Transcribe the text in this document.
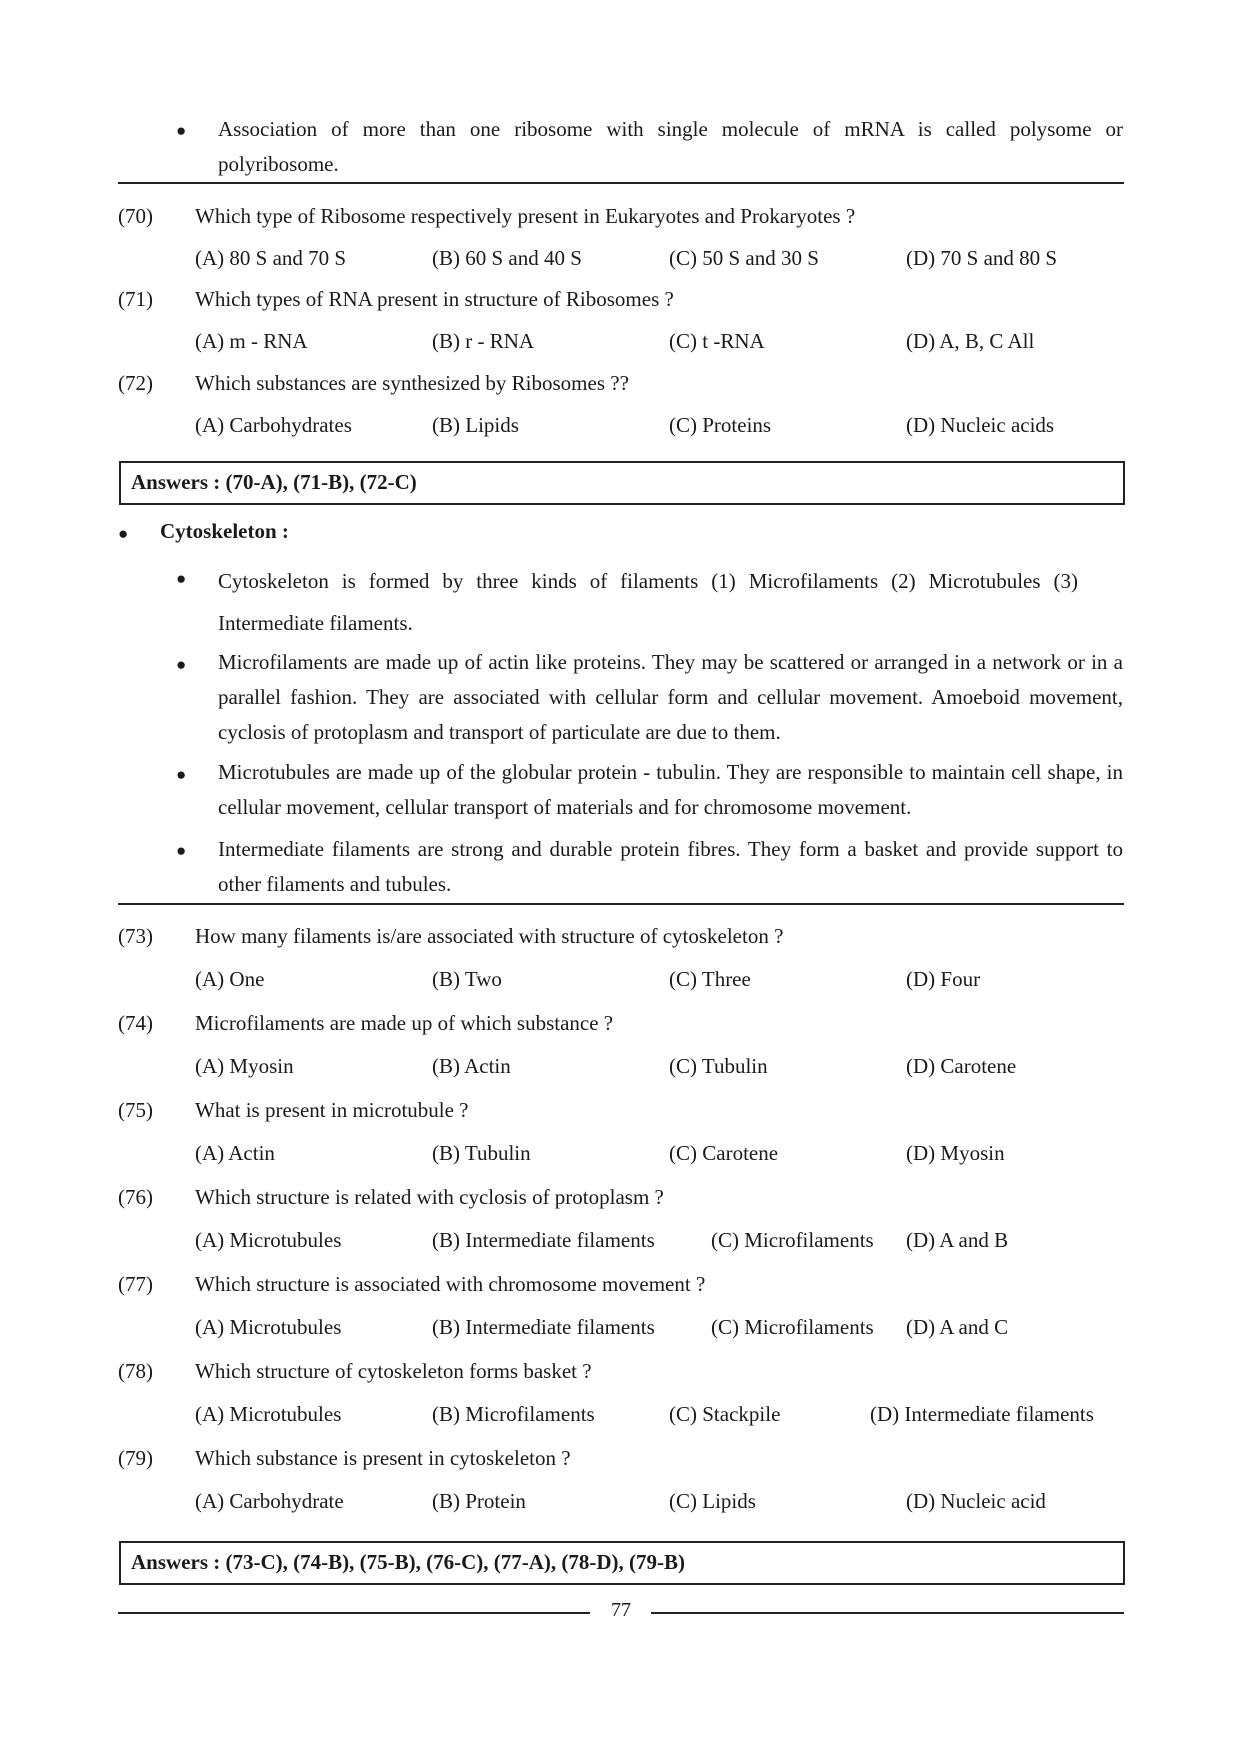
● Association of more than one ribosome with single molecule of mRNA is called polysome or polyribosome.
(70) Which type of Ribosome respectively present in Eukaryotes and Prokaryotes ?
(A) 80 S and 70 S	(B) 60 S and 40 S	(C) 50 S and 30 S	(D) 70 S and 80 S
(71) Which types of RNA present in structure of Ribosomes ?
(A) m - RNA	(B) r - RNA	(C) t -RNA	(D) A, B, C All
(72) Which substances are synthesized by Ribosomes ??
(A) Carbohydrates	(B) Lipids	(C) Proteins	(D) Nucleic acids
Answers : (70-A), (71-B), (72-C)
● Cytoskeleton :
● Cytoskeleton is formed by three kinds of filaments (1) Microfilaments (2) Microtubules (3) Intermediate filaments.
● Microfilaments are made up of actin like proteins. They may be scattered or arranged in a network or in a parallel fashion. They are associated with cellular form and cellular movement. Amoeboid movement, cyclosis of protoplasm and transport of particulate are due to them.
● Microtubules are made up of the globular protein - tubulin. They are responsible to maintain cell shape, in cellular movement, cellular transport of materials and for chromosome movement.
● Intermediate filaments are strong and durable protein fibres. They form a basket and provide support to other filaments and tubules.
(73) How many filaments is/are associated with structure of cytoskeleton ?
(A) One	(B) Two	(C) Three	(D) Four
(74) Microfilaments are made up of which substance ?
(A) Myosin	(B) Actin	(C) Tubulin	(D) Carotene
(75) What is present in microtubule ?
(A) Actin	(B) Tubulin	(C) Carotene	(D) Myosin
(76) Which structure is related with cyclosis of protoplasm ?
(A) Microtubules	(B) Intermediate filaments	(C) Microfilaments (D) A and B
(77) Which structure is associated with chromosome movement ?
(A) Microtubules	(B) Intermediate filaments	(C) Microfilaments (D) A and C
(78) Which structure of cytoskeleton forms basket ?
(A) Microtubules	(B) Microfilaments	(C) Stackpile	(D) Intermediate filaments
(79) Which substance is present in cytoskeleton ?
(A) Carbohydrate	(B) Protein	(C) Lipids	(D) Nucleic acid
Answers : (73-C), (74-B), (75-B), (76-C), (77-A), (78-D), (79-B)
77
